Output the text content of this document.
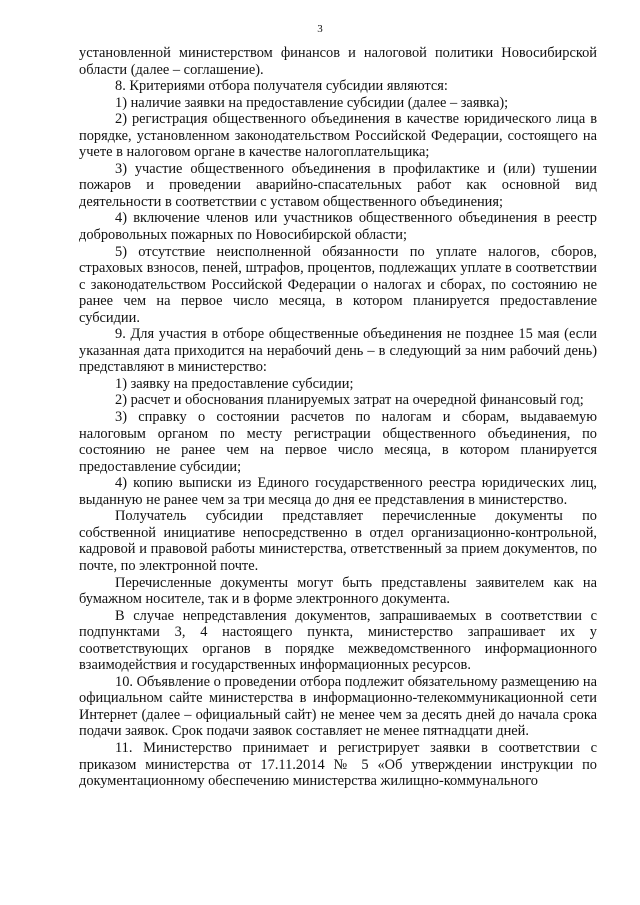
3

установленной министерством финансов и налоговой политики Новосибирской области (далее – соглашение).

8. Критериями отбора получателя субсидии являются:

1) наличие заявки на предоставление субсидии (далее – заявка);

2) регистрация общественного объединения в качестве юридического лица в порядке, установленном законодательством Российской Федерации, состоящего на учете в налоговом органе в качестве налогоплательщика;

3) участие общественного объединения в профилактике и (или) тушении пожаров и проведении аварийно-спасательных работ как основной вид деятельности в соответствии с уставом общественного объединения;

4) включение членов или участников общественного объединения в реестр добровольных пожарных по Новосибирской области;

5) отсутствие неисполненной обязанности по уплате налогов, сборов, страховых взносов, пеней, штрафов, процентов, подлежащих уплате в соответствии с законодательством Российской Федерации о налогах и сборах, по состоянию не ранее чем на первое число месяца, в котором планируется предоставление субсидии.

9. Для участия в отборе общественные объединения не позднее 15 мая (если указанная дата приходится на нерабочий день – в следующий за ним рабочий день) представляют в министерство:

1) заявку на предоставление субсидии;

2) расчет и обоснования планируемых затрат на очередной финансовый год;

3) справку о состоянии расчетов по налогам и сборам, выдаваемую налоговым органом по месту регистрации общественного объединения, по состоянию не ранее чем на первое число месяца, в котором планируется предоставление субсидии;

4) копию выписки из Единого государственного реестра юридических лиц, выданную не ранее чем за три месяца до дня ее представления в министерство.

Получатель субсидии представляет перечисленные документы по собственной инициативе непосредственно в отдел организационно-контрольной, кадровой и правовой работы министерства, ответственный за прием документов, по почте, по электронной почте.

Перечисленные документы могут быть представлены заявителем как на бумажном носителе, так и в форме электронного документа.

В случае непредставления документов, запрашиваемых в соответствии с подпунктами 3, 4 настоящего пункта, министерство запрашивает их у соответствующих органов в порядке межведомственного информационного взаимодействия и государственных информационных ресурсов.

10. Объявление о проведении отбора подлежит обязательному размещению на официальном сайте министерства в информационно-телекоммуникационной сети Интернет (далее – официальный сайт) не менее чем за десять дней до начала срока подачи заявок. Срок подачи заявок составляет не менее пятнадцати дней.

11. Министерство принимает и регистрирует заявки в соответствии с приказом министерства от 17.11.2014 № 5 «Об утверждении инструкции по документационному обеспечению министерства жилищно-коммунального
